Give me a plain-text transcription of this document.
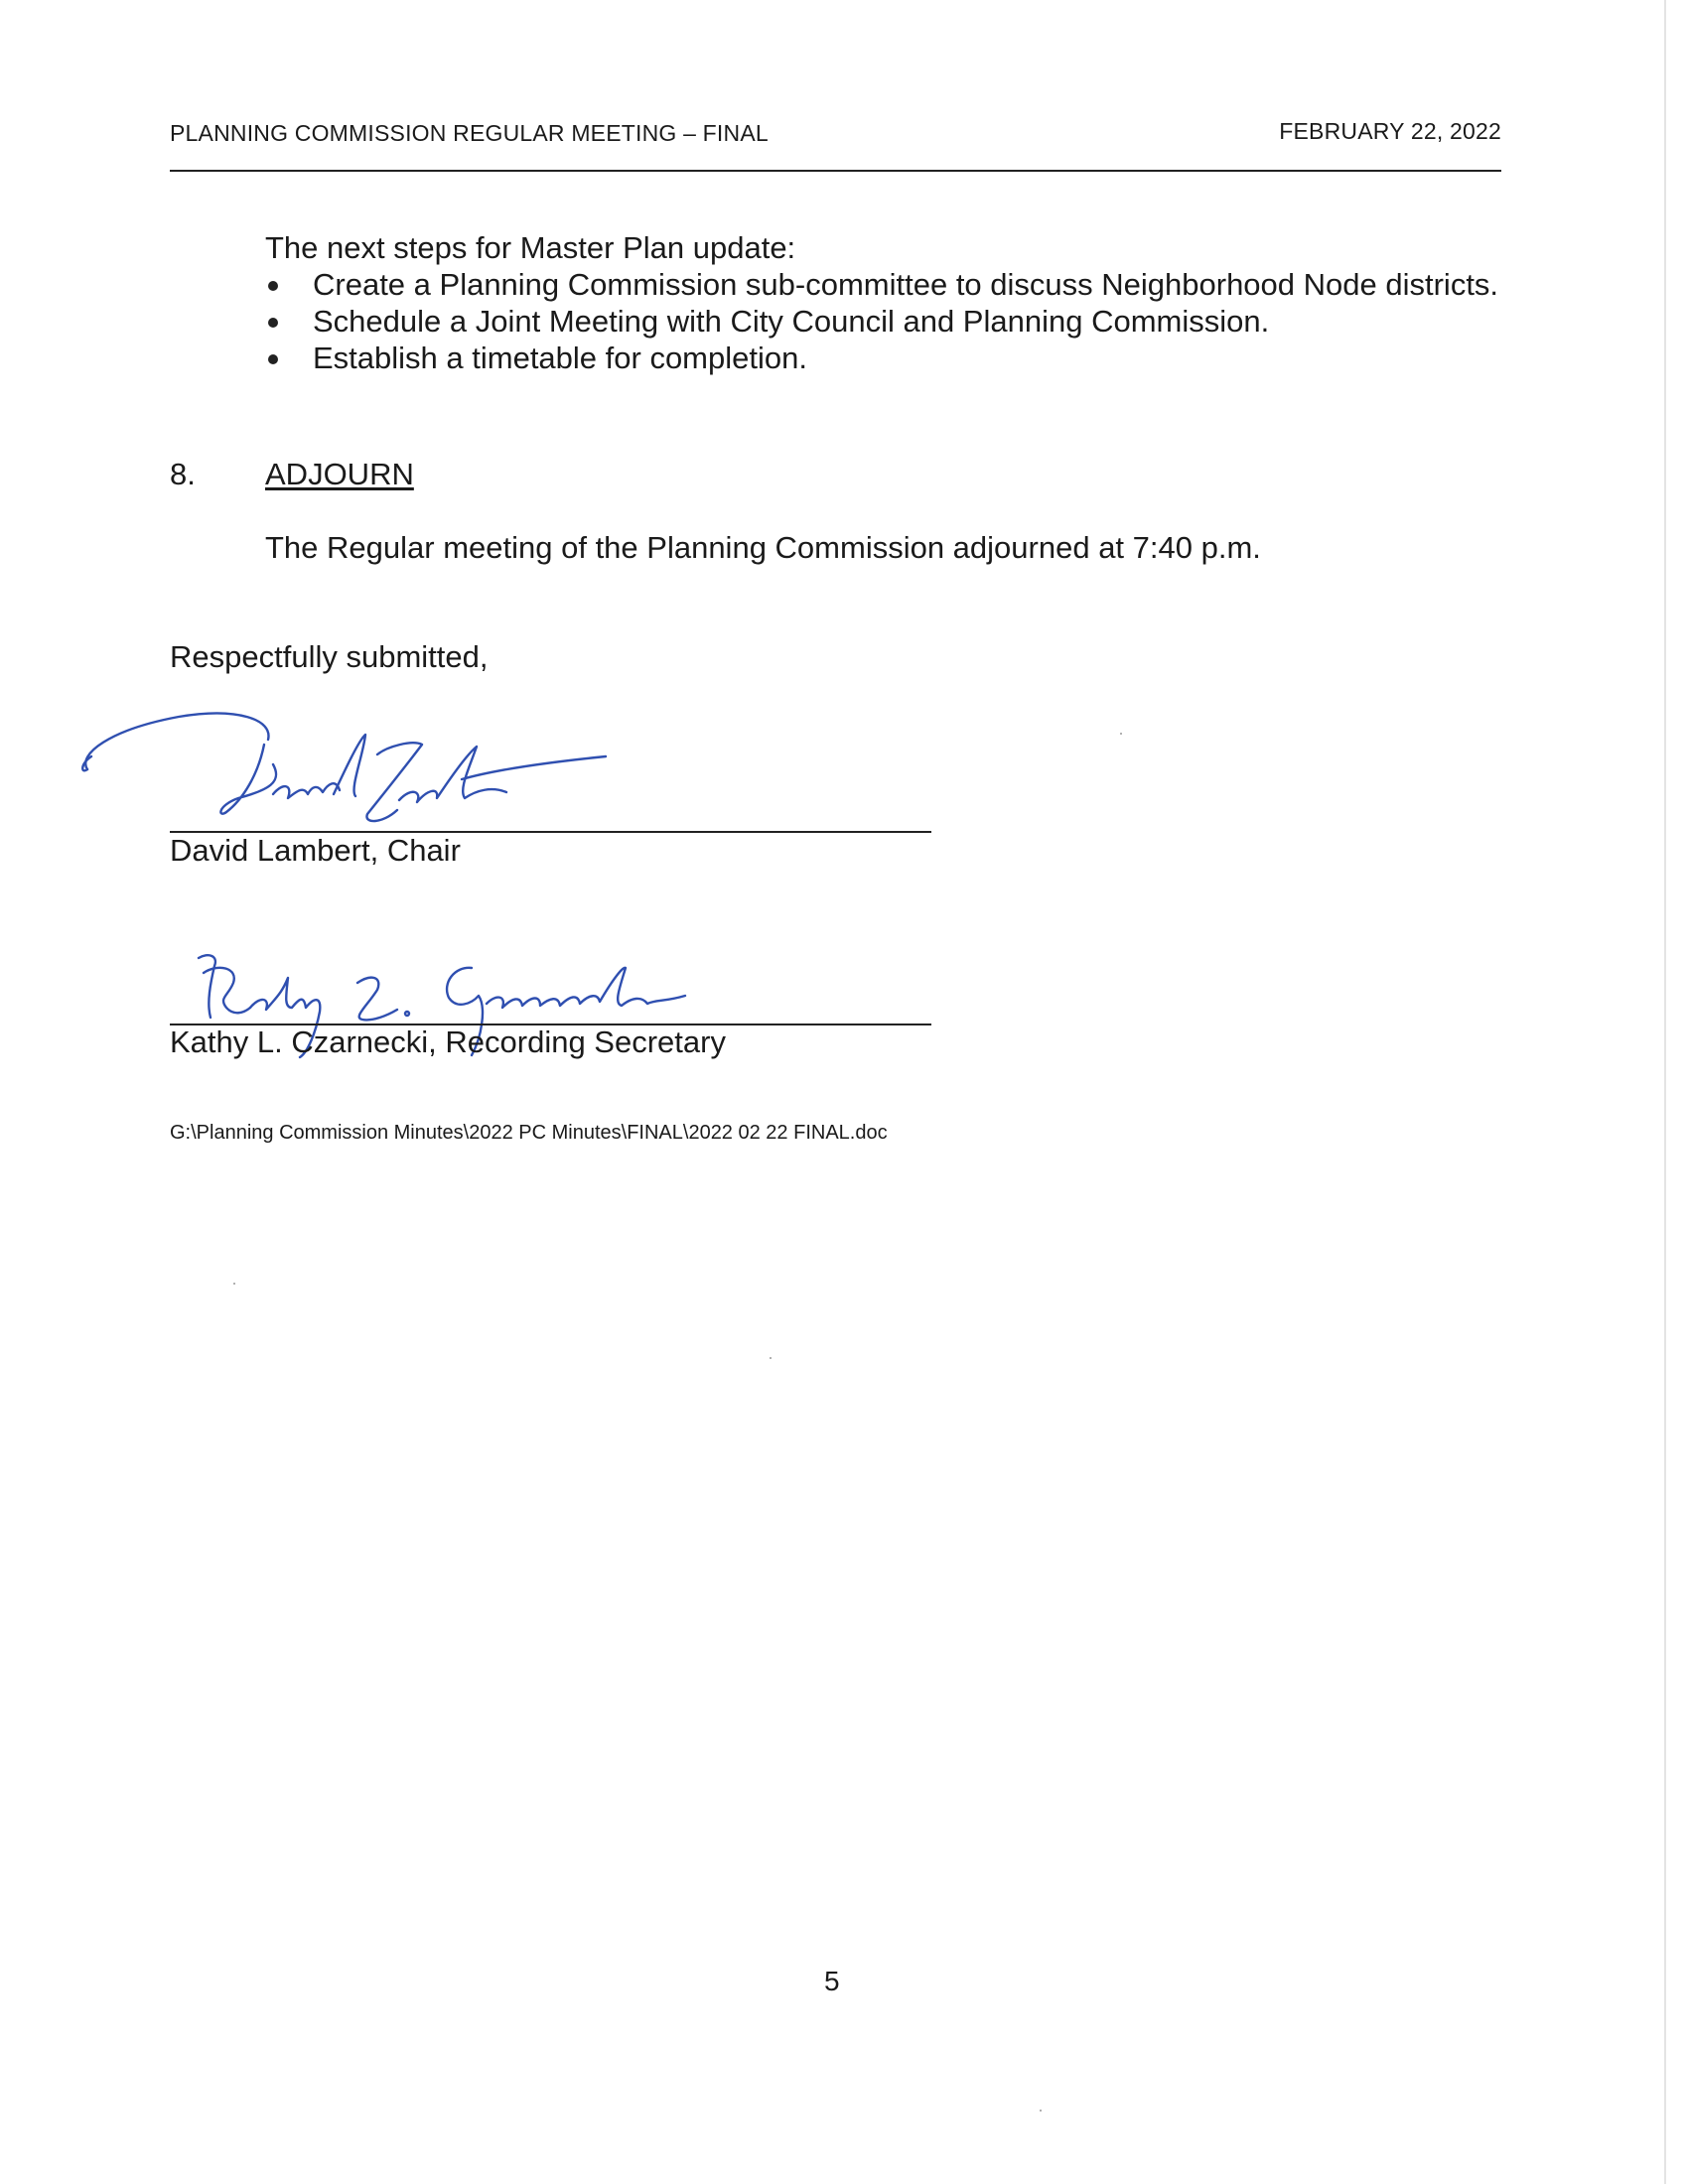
PLANNING COMMISSION REGULAR MEETING – FINAL	FEBRUARY 22, 2022
The next steps for Master Plan update:
Create a Planning Commission sub-committee to discuss Neighborhood Node districts.
Schedule a Joint Meeting with City Council and Planning Commission.
Establish a timetable for completion.
8. ADJOURN
The Regular meeting of the Planning Commission adjourned at 7:40 p.m.
Respectfully submitted,
David Lambert, Chair
Kathy L. Czarnecki, Recording Secretary
G:\Planning Commission Minutes\2022 PC Minutes\FINAL\2022 02 22 FINAL.doc
5
